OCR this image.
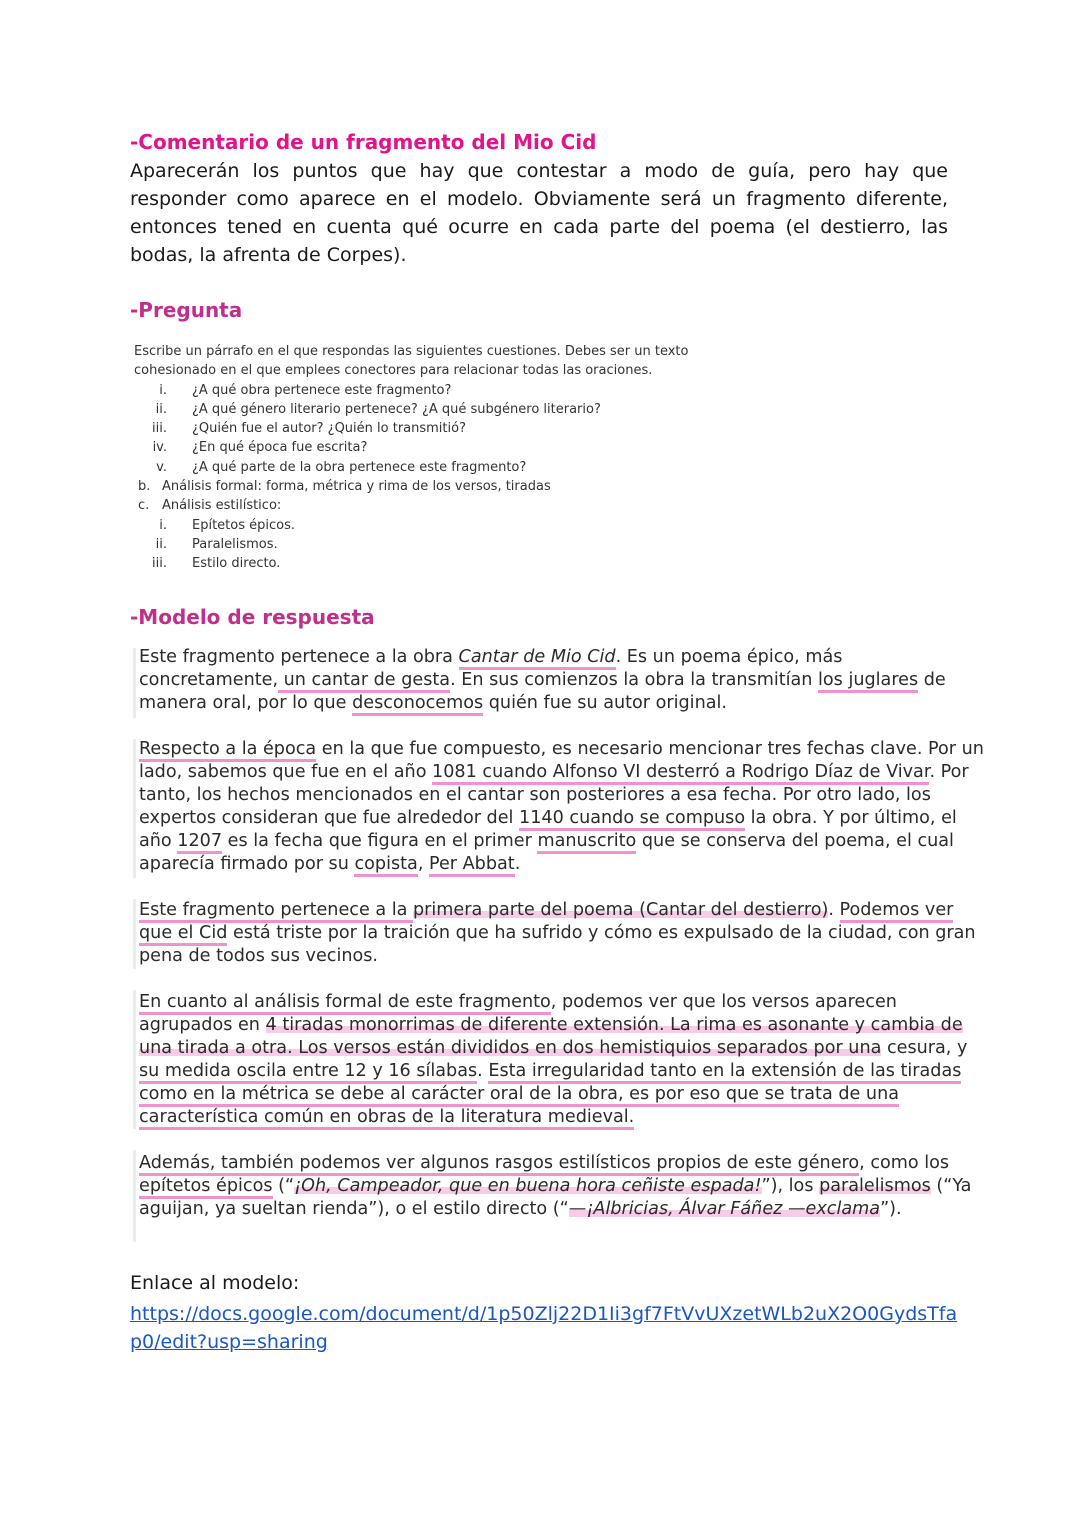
-Comentario de un fragmento del Mio Cid
Aparecerán los puntos que hay que contestar a modo de guía, pero hay que responder como aparece en el modelo. Obviamente será un fragmento diferente, entonces tened en cuenta qué ocurre en cada parte del poema (el destierro, las bodas, la afrenta de Corpes).
-Pregunta
Escribe un párrafo en el que respondas las siguientes cuestiones. Debes ser un texto
cohesionado en el que emplees conectores para relacionar todas las oraciones.
i. ¿A qué obra pertenece este fragmento?
ii. ¿A qué género literario pertenece? ¿A qué subgénero literario?
iii. ¿Quién fue el autor? ¿Quién lo transmitió?
iv. ¿En qué época fue escrita?
v. ¿A qué parte de la obra pertenece este fragmento?
b. Análisis formal: forma, métrica y rima de los versos, tiradas
c. Análisis estilístico:
i. Epítetos épicos.
ii. Paralelismos.
iii. Estilo directo.
-Modelo de respuesta

Este fragmento pertenece a la obra Cantar de Mio Cid. Es un poema épico, más concretamente, un cantar de gesta. En sus comienzos la obra la transmitían los juglares de manera oral, por lo que desconocemos quién fue su autor original.

Respecto a la época en la que fue compuesto, es necesario mencionar tres fechas clave. Por un lado, sabemos que fue en el año 1081 cuando Alfonso VI desterró a Rodrigo Díaz de Vivar. Por tanto, los hechos mencionados en el cantar son posteriores a esa fecha. Por otro lado, los expertos consideran que fue alrededor del 1140 cuando se compuso la obra. Y por último, el año 1207 es la fecha que figura en el primer manuscrito que se conserva del poema, el cual aparecía firmado por su copista, Per Abbat.

Este fragmento pertenece a la primera parte del poema (Cantar del destierro). Podemos ver que el Cid está triste por la traición que ha sufrido y cómo es expulsado de la ciudad, con gran pena de todos sus vecinos.

En cuanto al análisis formal de este fragmento, podemos ver que los versos aparecen agrupados en 4 tiradas monorrimas de diferente extensión. La rima es asonante y cambia de una tirada a otra. Los versos están divididos en dos hemistiquios separados por una cesura, y su medida oscila entre 12 y 16 sílabas. Esta irregularidad tanto en la extensión de las tiradas como en la métrica se debe al carácter oral de la obra, es por eso que se trata de una característica común en obras de la literatura medieval.

Además, también podemos ver algunos rasgos estilísticos propios de este género, como los epítetos épicos (“¡Oh, Campeador, que en buena hora ceñiste espada!”), los paralelismos (“Ya aguijan, ya sueltan rienda”), o el estilo directo (“—¡Albricias, Álvar Fáñez —exclama”).

Enlace al modelo:
https://docs.google.com/document/d/1p50Zlj22D1Ii3gf7FtVvUXzetWLb2uX2O0GydsTfap0/edit?usp=sharing
